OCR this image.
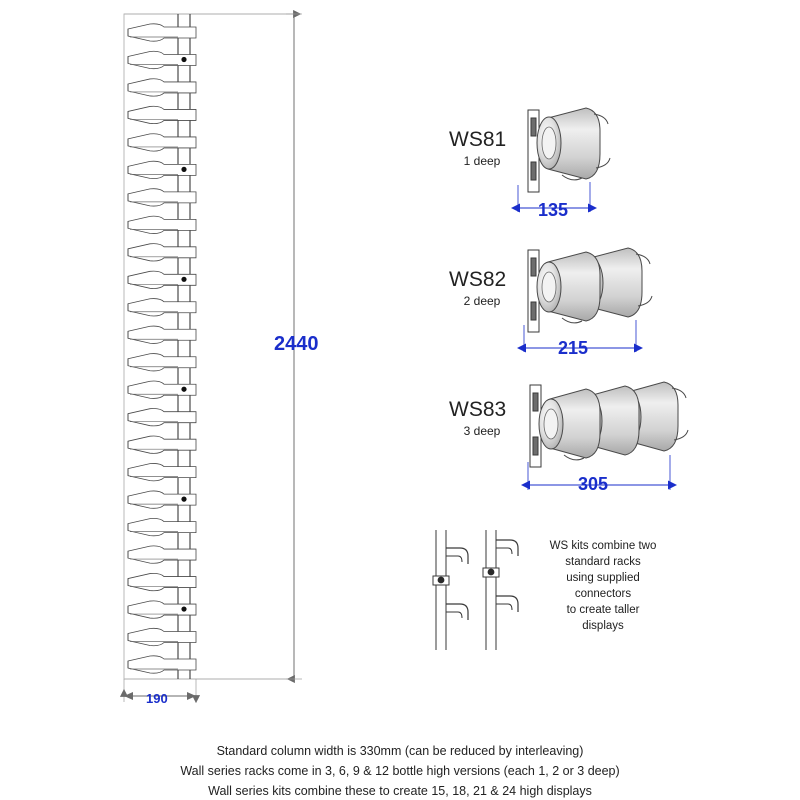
2440
190
WS81
1 deep
135
WS82
2 deep
215
WS83
3 deep
305
WS kits combine two
standard racks
using supplied
connectors
to create taller
displays
Standard column width is 330mm (can be reduced by interleaving)
Wall series racks come in 3, 6, 9 & 12 bottle high versions (each 1, 2 or 3 deep)
Wall series kits combine these to create 15, 18, 21 & 24 high displays
